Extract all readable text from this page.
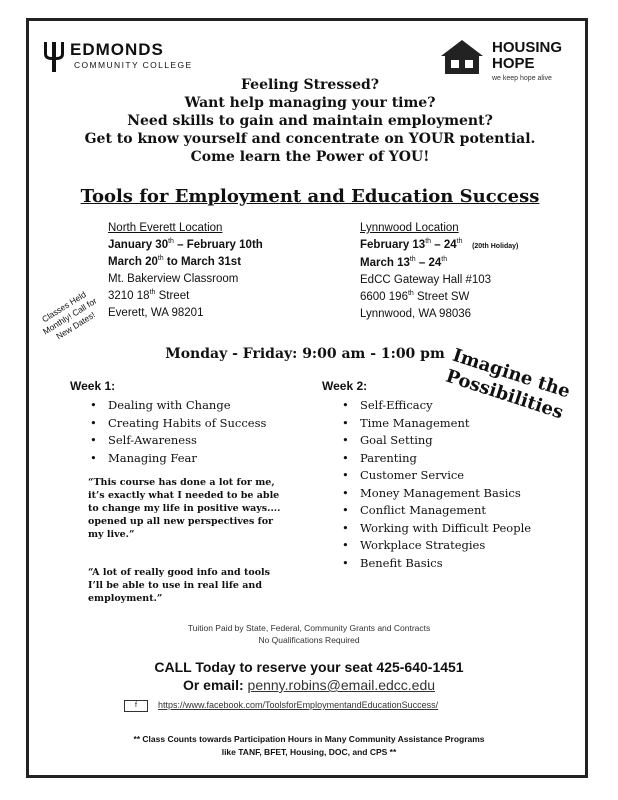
EDMONDS
COMMUNITY COLLEGE
HOUSING
HOPE
we keep hope alive
Feeling Stressed?
Want help managing your time?
Need skills to gain and maintain employment?
Get to know yourself and concentrate on YOUR potential.
Come learn the Power of YOU!
Tools for Employment and Education Success
North Everett Location
January 30th – February 10th
March 20th to March 31st
Mt. Bakerview Classroom
3210 18th Street
Everett, WA 98201
Lynnwood Location
February 13th – 24th   (20th Holiday)
March 13th – 24th
EdCC Gateway Hall #103
6600 196th Street SW
Lynnwood, WA 98036
Classes Held Monthly! Call for New Dates!
Monday - Friday: 9:00 am - 1:00 pm Imagine the Possibilities
Week 1:
• Dealing with Change
• Creating Habits of Success
• Self-Awareness
• Managing Fear
Week 2:
• Self-Efficacy
• Time Management
• Goal Setting
• Parenting
• Customer Service
• Money Management Basics
• Conflict Management
• Working with Difficult People
• Workplace Strategies
• Benefit Basics
“This course has done a lot for me, it’s exactly what I needed to be able to change my life in positive ways.... opened up all new perspectives for my live.”
“A lot of really good info and tools I’ll be able to use in real life and employment.”
Tuition Paid by State, Federal, Community Grants and Contracts
No Qualifications Required
CALL Today to reserve your seat 425-640-1451
Or email: penny.robins@email.edcc.edu
f	https://www.facebook.com/ToolsforEmploymentandEducationSuccess/
** Class Counts towards Participation Hours in Many Community Assistance Programs
like TANF, BFET, Housing, DOC, and CPS **
